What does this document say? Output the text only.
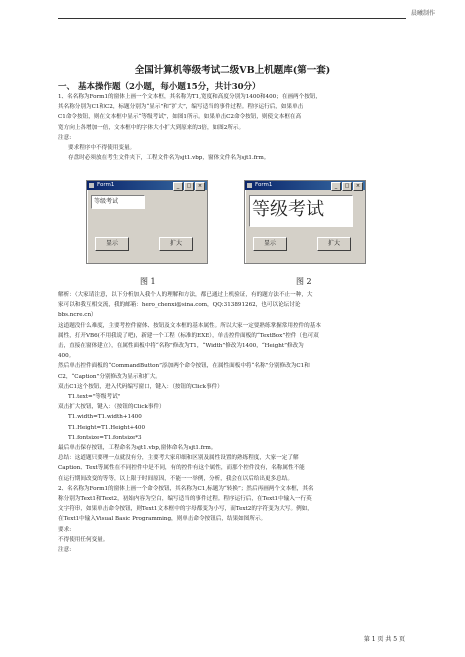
晨曦制作
全国计算机等级考试二级VB上机题库(第一套)
一、 基本操作题（2小题，每小题15分，共计30分）
1、名名称为Form1的窗体上画一个文本框，其名称为T1,宽度和高度分别为1400和400；在画两个按钮，
其名称分别为C1和C2，标题分别为“显示”和“扩大”，编写适当的事件过程。程序运行后，如果单击
C1命令按钮，则在文本框中显示“等级考试”，如图1所示。如果单击C2命令按钮，则使文本框在高
宽方向上各增加一倍，文本框中的字体大小扩大到原来的3倍，如图2所示。
注意:
要求程序中不得使用变量。
存盘时必须放在考生文件夹下，工程文件名为sjt1.vbp，窗体文件名为sjt1.frm。
Form1	_	□	×
等级考试
显示	扩大
Form1	_	□	×
等级考试
显示	扩大
图 1	图 2
解析：（大家请注意，以下分析加入我个人的理解和方法，都已通过上机验证，有的题方法不止一种，大
家可以和我互相交流，我的邮箱：hero_chenxi@sina.com，QQ:313891262，也可以论坛讨论
bbs.ncre.cn）
这道题没什么难度，主要考控件窗体、按钮及文本框的基本属性。所以大家一定要熟练掌握常用控件的基本
属性，打开VB6(不用我说了吧)，新建一个工程（标准的EXE），单击控件面板的“TextBox”控件（也可双
击，直接在窗体建立），在属性面板中将“名称”修改为T1，“Width”修改为1400，“Height”修改为
400。
然后单击控件面板的“CommandButton”添加两个命令按钮，在属性面板中将“名称”分别修改为C1和
C2，“Caption”分别修改为显示和扩大。
双击C1这个按钮，进入代码编写窗口，键入：（按钮的Click事件）
T1.text="等级考试"
双击扩大按钮，键入：（按钮的Click事件）
T1.width=T1.width+1400
T1.Height=T1.Height+400
T1.fontsize=T1.fontsize*3
最后单击保存按钮，工程命名为sjt1.vbp,窗体命名为sjt1.frm。
总结：这道题只要理一点就没有分，主要考大家印细和区别及属性设置的熟练程度，大家一定了解
Caption、Text等属性在不同控件中是不同，有的控件有这个属性，而那个控件没有，名称属性不能
在运行期间改变的等等，以上限于时间原因，不能一一举例，分析，我会在以后给出更多总结。
2、名名称为Form1的窗体上画一个命令按钮，其名称为C1,标题为“转换”；然后再画两个文本框，其名
称分别为Text1和Text2，初始内容为空白，编写适当的事件过程。程序运行后，在Text1中输入一行英
文字符串，如果单击命令按钮，则Text1文本框中的字母都变为小写，而Text2的字符变为大写。例如，
在Text1中输入Visual Basic Programming，则单击命令按钮后，结果如图所示。
要求:
不得使用任何变量。
注意:
第 1 页 共 5 页
